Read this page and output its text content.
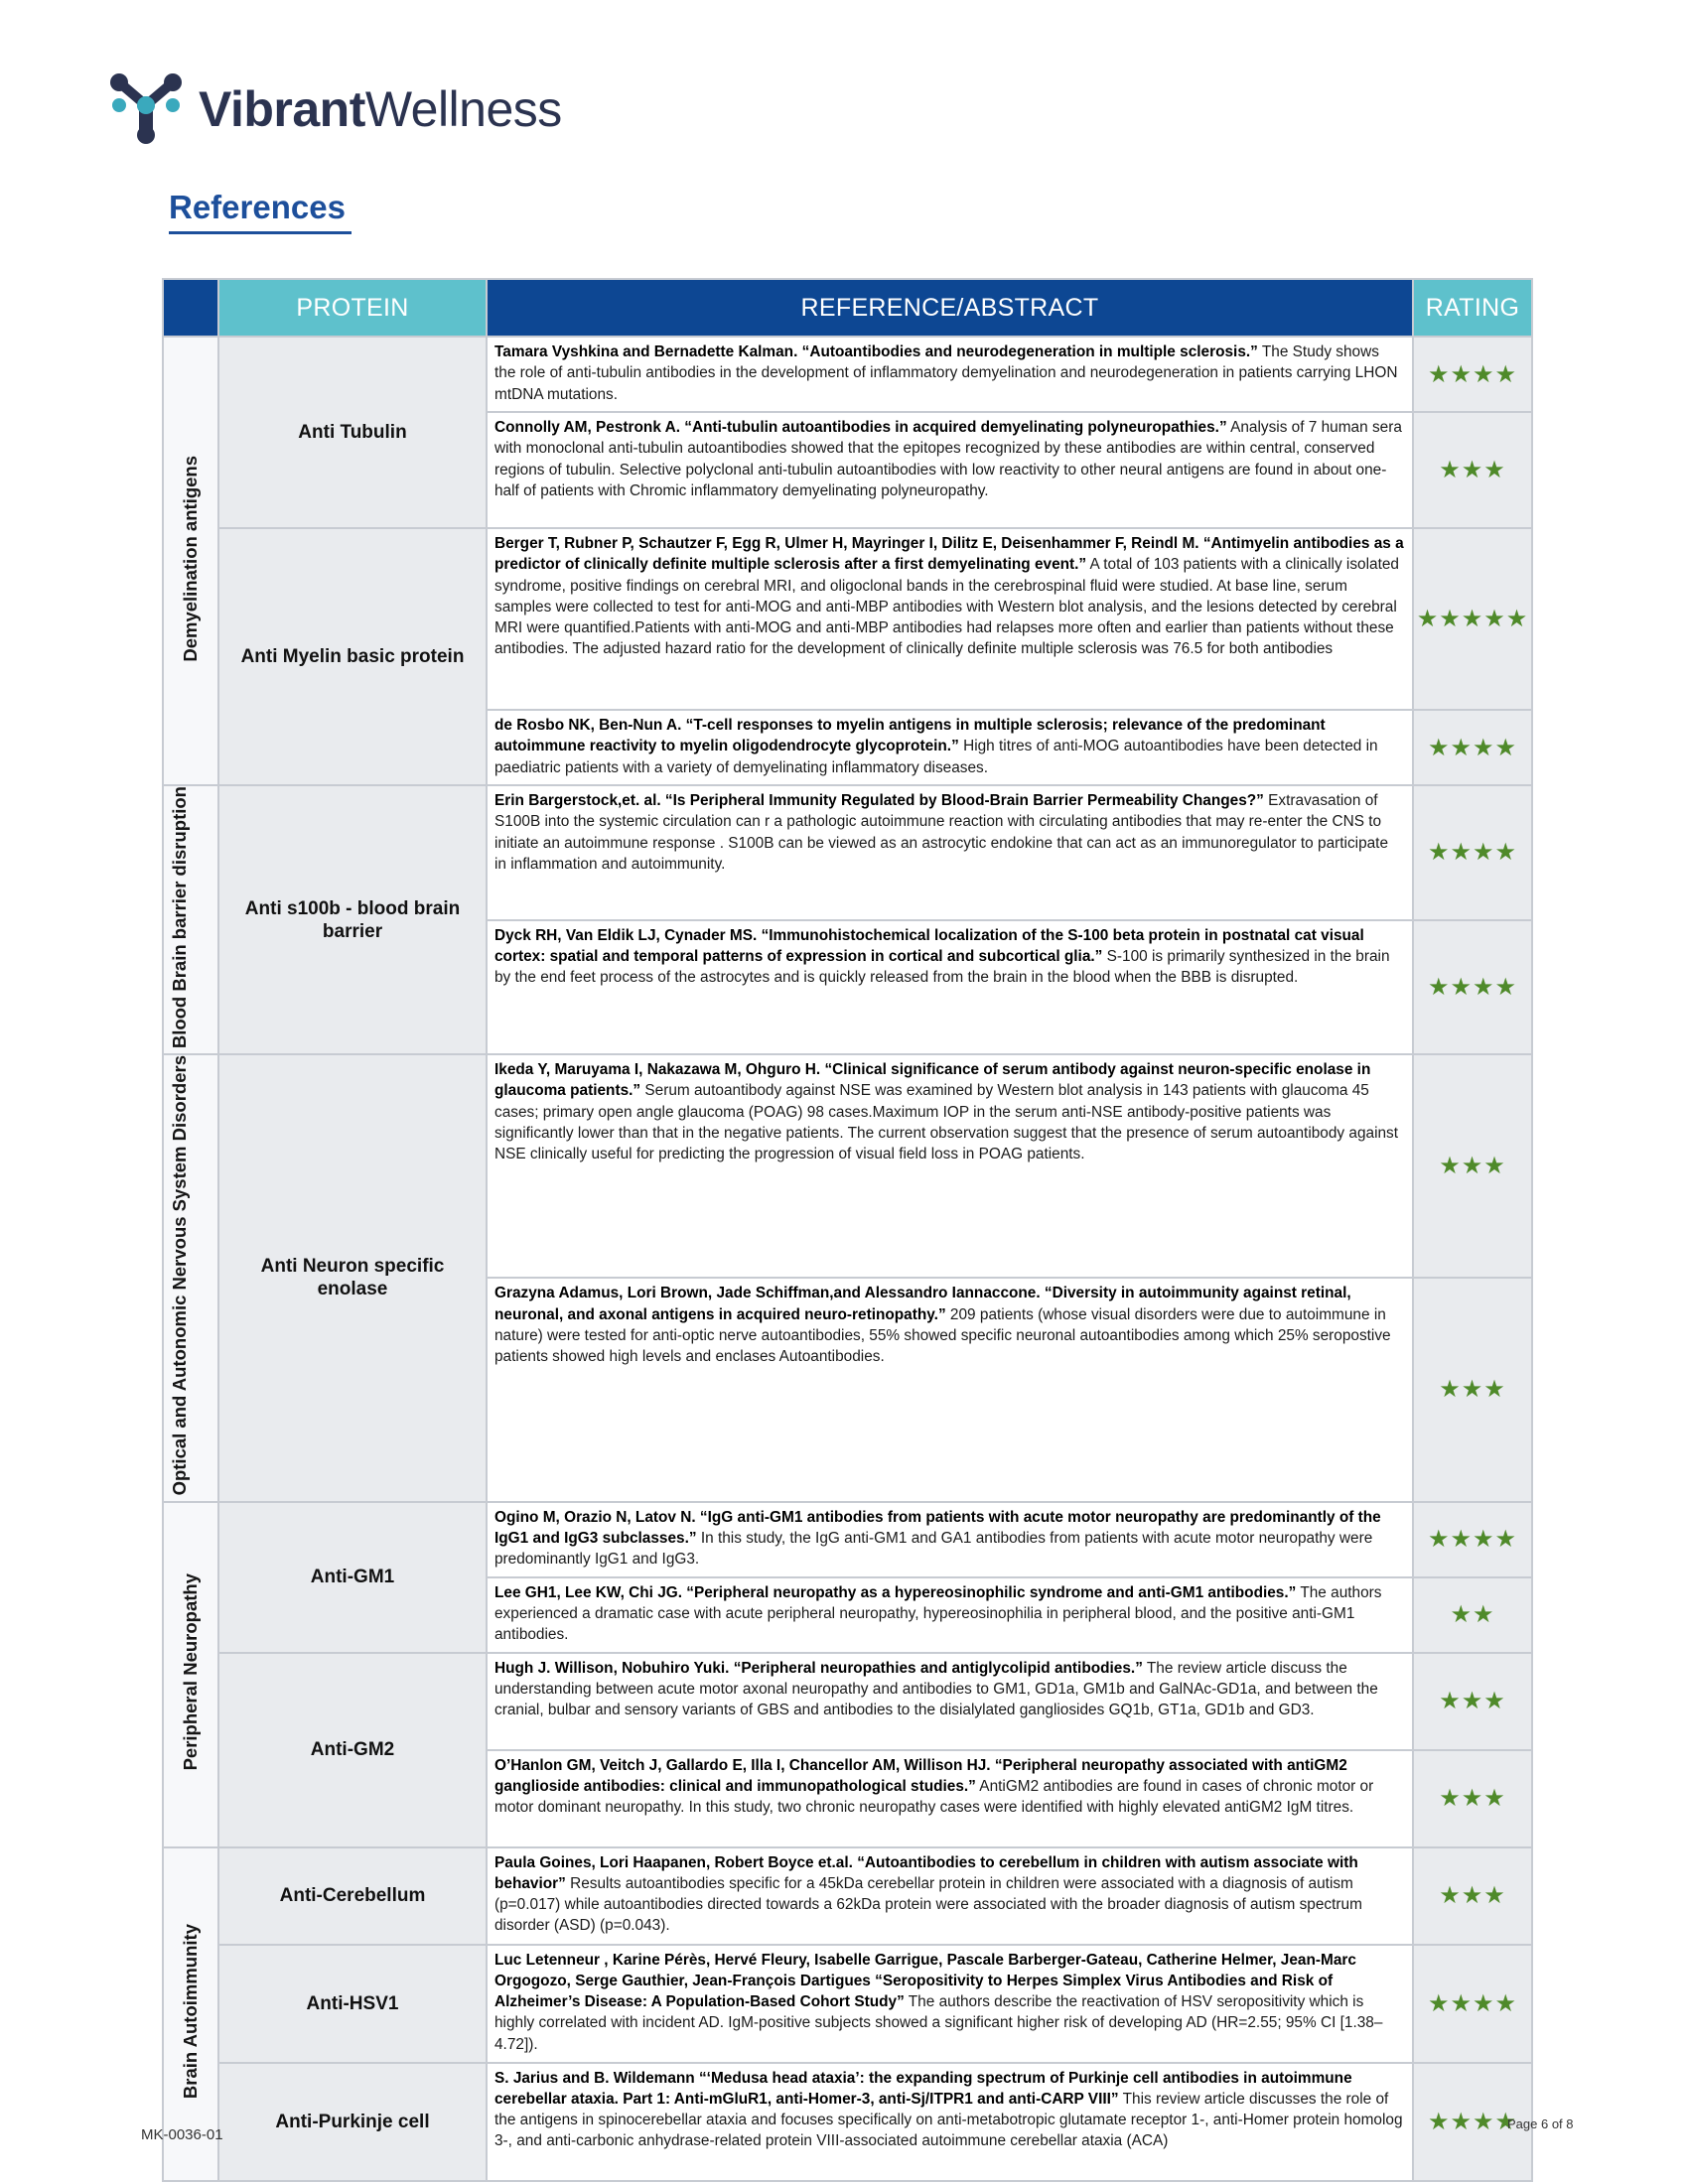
VibrantWellness
References
	PROTEIN	REFERENCE/ABSTRACT	RATING
Demyelination antigens	Anti Tubulin	Tamara Vyshkina and Bernadette Kalman. “Autoantibodies and neurodegeneration in multiple sclerosis.” The Study shows the role of anti-tubulin antibodies in the development of inflammatory demyelination and neurodegeneration in patients carrying LHON mtDNA mutations.	★★★★
		Connolly AM, Pestronk A. “Anti-tubulin autoantibodies in acquired demyelinating polyneuropathies.” Analysis of 7 human sera with monoclonal anti-tubulin autoantibodies showed that the epitopes recognized by these antibodies are within central, conserved regions of tubulin. Selective polyclonal anti-tubulin autoantibodies with low reactivity to other neural antigens are found in about one-half of patients with Chromic inflammatory demyelinating polyneuropathy.	★★★
	Anti Myelin basic protein	Berger T, Rubner P, Schautzer F, Egg R, Ulmer H, Mayringer I, Dilitz E, Deisenhammer F, Reindl M. “Antimyelin antibodies as a predictor of clinically definite multiple sclerosis after a first demyelinating event.” A total of 103 patients with a clinically isolated syndrome, positive findings on cerebral MRI, and oligoclonal bands in the cerebrospinal fluid were studied. At base line, serum samples were collected to test for anti-MOG and anti-MBP antibodies with Western blot analysis, and the lesions detected by cerebral MRI were quantified.Patients with anti-MOG and anti-MBP antibodies had relapses more often and earlier than patients without these antibodies. The adjusted hazard ratio for the development of clinically definite multiple sclerosis was 76.5 for both antibodies	★★★★★
		de Rosbo NK, Ben-Nun A. “T-cell responses to myelin antigens in multiple sclerosis; relevance of the predominant autoimmune reactivity to myelin oligodendrocyte glycoprotein.” High titres of anti-MOG autoantibodies have been detected in paediatric patients with a variety of demyelinating inflammatory diseases.	★★★★
Blood Brain barrier disruption	Anti s100b - blood brain barrier	Erin Bargerstock,et. al. “Is Peripheral Immunity Regulated by Blood-Brain Barrier Permeability Changes?” Extravasation of S100B into the systemic circulation can r a pathologic autoimmune reaction with circulating antibodies that may re-enter the CNS to initiate an autoimmune response . S100B can be viewed as an astrocytic endokine that can act as an immunoregulator to participate in inflammation and autoimmunity.	★★★★
		Dyck RH, Van Eldik LJ, Cynader MS. “Immunohistochemical localization of the S-100 beta protein in postnatal cat visual cortex: spatial and temporal patterns of expression in cortical and subcortical glia.” S-100 is primarily synthesized in the brain by the end feet process of the astrocytes and is quickly released from the brain in the blood when the BBB is disrupted.	★★★★
Optical and Autonomic Nervous System Disorders	Anti Neuron specific enolase	Ikeda Y, Maruyama I, Nakazawa M, Ohguro H. “Clinical significance of serum antibody against neuron-specific enolase in glaucoma patients.” Serum autoantibody against NSE was examined by Western blot analysis in 143 patients with glaucoma 45 cases; primary open angle glaucoma (POAG) 98 cases.Maximum IOP in the serum anti-NSE antibody-positive patients was significantly lower than that in the negative patients. The current observation suggest that the presence of serum autoantibody against NSE clinically useful for predicting the progression of visual field loss in POAG patients.	★★★
		Grazyna Adamus, Lori Brown, Jade Schiffman,and Alessandro Iannaccone. “Diversity in autoimmunity against retinal, neuronal, and axonal antigens in acquired neuro-retinopathy.” 209 patients (whose visual disorders were due to autoimmune in nature) were tested for anti-optic nerve autoantibodies, 55% showed specific neuronal autoantibodies among which 25% seropostive patients showed high levels and enclases Autoantibodies.	★★★
Peripheral Neuropathy	Anti-GM1	Ogino M, Orazio N, Latov N. “IgG anti-GM1 antibodies from patients with acute motor neuropathy are predominantly of the IgG1 and IgG3 subclasses.” In this study, the IgG anti-GM1 and GA1 antibodies from patients with acute motor neuropathy were predominantly IgG1 and IgG3.	★★★★
		Lee GH1, Lee KW, Chi JG. “Peripheral neuropathy as a hypereosinophilic syndrome and anti-GM1 antibodies.” The authors experienced a dramatic case with acute peripheral neuropathy, hypereosinophilia in peripheral blood, and the positive anti-GM1 antibodies.	★★
	Anti-GM2	Hugh J. Willison, Nobuhiro Yuki. “Peripheral neuropathies and antiglycolipid antibodies.” The review article discuss the understanding between acute motor axonal neuropathy and antibodies to GM1, GD1a, GM1b and GalNAc-GD1a, and between the cranial, bulbar and sensory variants of GBS and antibodies to the disialylated gangliosides GQ1b, GT1a, GD1b and GD3.	★★★
		O’Hanlon GM, Veitch J, Gallardo E, Illa I, Chancellor AM, Willison HJ. “Peripheral neuropathy associated with antiGM2 ganglioside antibodies: clinical and immunopathological studies.” AntiGM2 antibodies are found in cases of chronic motor or motor dominant neuropathy. In this study, two chronic neuropathy cases were identified with highly elevated antiGM2 IgM titres.	★★★
Brain Autoimmunity	Anti-Cerebellum	Paula Goines, Lori Haapanen, Robert Boyce et.al. “Autoantibodies to cerebellum in children with autism associate with behavior” Results autoantibodies specific for a 45kDa cerebellar protein in children were associated with a diagnosis of autism (p=0.017) while autoantibodies directed towards a 62kDa protein were associated with the broader diagnosis of autism spectrum disorder (ASD) (p=0.043).	★★★
	Anti-HSV1	Luc Letenneur , Karine Pérès, Hervé Fleury, Isabelle Garrigue, Pascale Barberger-Gateau, Catherine Helmer, Jean-Marc Orgogozo, Serge Gauthier, Jean-François Dartigues “Seropositivity to Herpes Simplex Virus Antibodies and Risk of Alzheimer’s Disease: A Population-Based Cohort Study” The authors describe the reactivation of HSV seropositivity which is highly correlated with incident AD. IgM-positive subjects showed a significant higher risk of developing AD (HR=2.55; 95% CI [1.38–4.72]).	★★★★
	Anti-Purkinje cell	S. Jarius and B. Wildemann “‘Medusa head ataxia’: the expanding spectrum of Purkinje cell antibodies in autoimmune cerebellar ataxia. Part 1: Anti-mGluR1, anti-Homer-3, anti-Sj/ITPR1 and anti-CARP VIII” This review article discusses the role of the antigens in spinocerebellar ataxia and focuses specifically on anti-metabotropic glutamate receptor 1-, anti-Homer protein homolog 3-, and anti-carbonic anhydrase-related protein VIII-associated autoimmune cerebellar ataxia (ACA)	★★★★
MK-0036-01
Page 6 of 8
